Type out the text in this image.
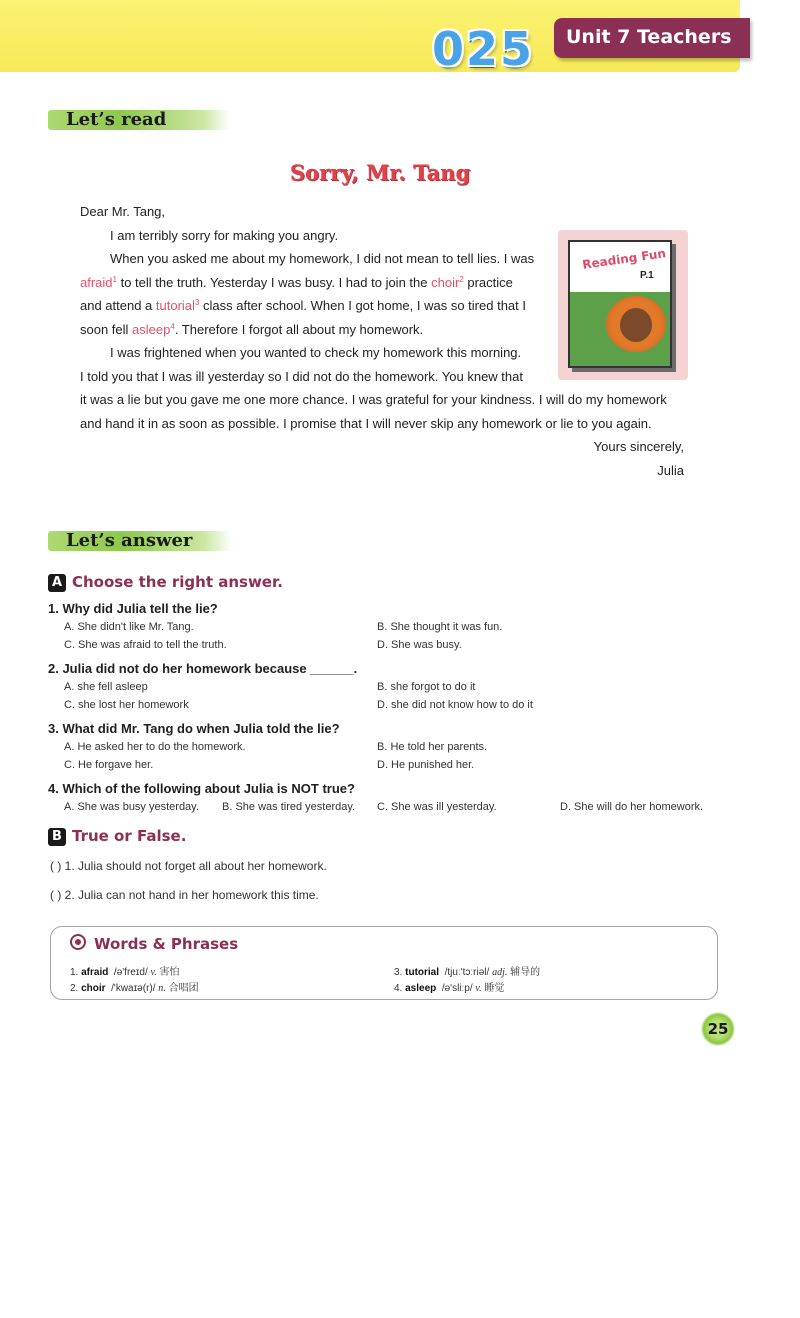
025	Unit 7 Teachers
Let’s read
Sorry, Mr. Tang
Reading Fun
P.1
Dear Mr. Tang,

I am terribly sorry for making you angry.

When you asked me about my homework, I did not mean to tell lies. I was

afraid$^1$ to tell the truth. Yesterday I was busy. I had to join the choir$^2$ practice
and attend a tutorial$^3$ class after school. When I got home, I was so tired that I
soon fell asleep$^4$. Therefore I forgot all about my homework.

I was frightened when you wanted to check my homework this morning.

I told you that I was ill yesterday so I did not do the homework. You knew that
it was a lie but you gave me one more chance. I was grateful for your kindness. I will do my homework
and hand it in as soon as possible. I promise that I will never skip any homework or lie to you again.
Yours sincerely,
Julia
Let’s answer
A Choose the right answer.
1. Why did Julia tell the lie?
A. She didn't like Mr. Tang.	B. She thought it was fun.
C. She was afraid to tell the truth.	D. She was busy.
2. Julia did not do her homework because ______.
A. she fell asleep	B. she forgot to do it
C. she lost her homework	D. she did not know how to do it
3. What did Mr. Tang do when Julia told the lie?
A. He asked her to do the homework.	B. He told her parents.
C. He forgave her.	D. He punished her.
4. Which of the following about Julia is NOT true?
A. She was busy yesterday. B. She was tired yesterday. C. She was ill yesterday.	D. She will do her homework.
B True or False.
( ) 1. Julia should not forget all about her homework.
( ) 2. Julia can not hand in her homework this time.
Words & Phrases
1. afraid /ə'freɪd/ v. 害怕
2. choir /'kwaɪə(r)/ n. 合唱团
3. tutorial /tjuː'tɔːriəl/ adj. 辅导的
4. asleep /ə'sliːp/ v. 睡觉
25
